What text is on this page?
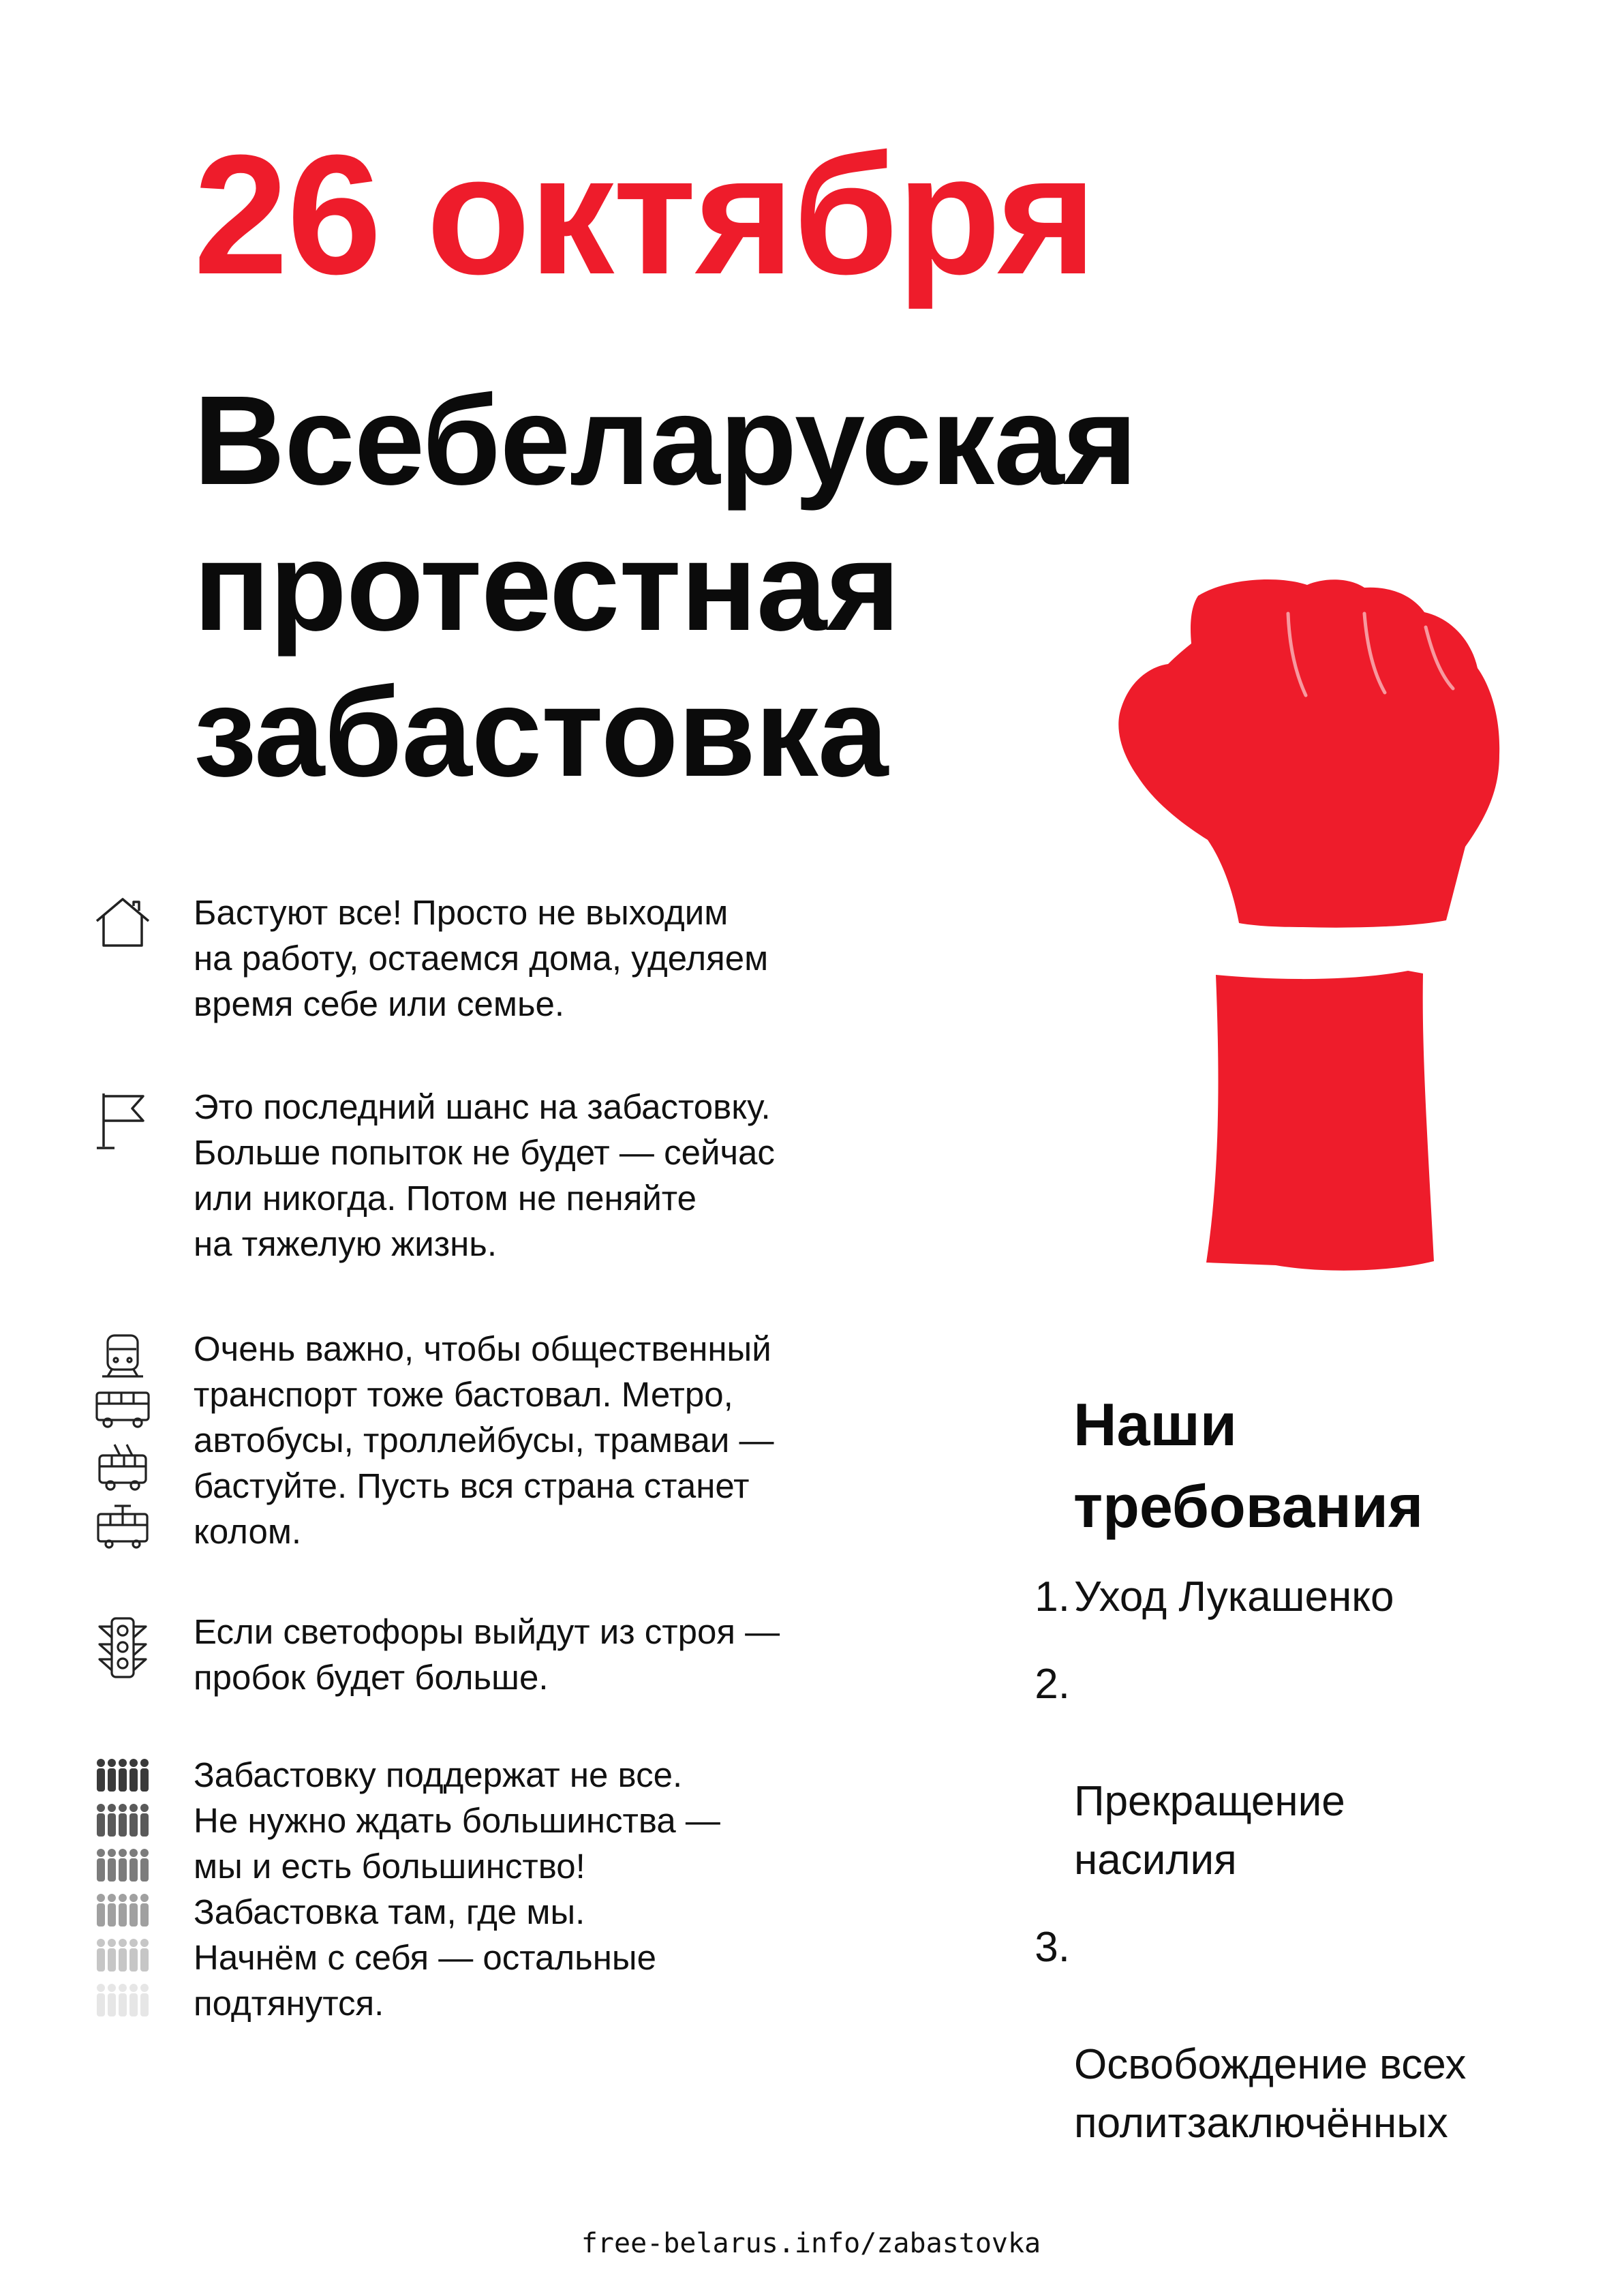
26 октября
Всебеларуская
протестная
забастовка
Бастуют все! Просто не выходим
на работу, остаемся дома, уделяем
время себе или семье.
Это последний шанс на забастовку.
Больше попыток не будет — сейчас
или никогда. Потом не пеняйте
на тяжелую жизнь.
Очень важно, чтобы общественный
транспорт тоже бастовал. Метро,
автобусы, троллейбусы, трамваи —
бастуйте. Пусть вся страна станет
колом.
Если светофоры выйдут из строя —
пробок будет больше.
Забастовку поддержат не все.
Не нужно ждать большинства —
мы и есть большинство!
Забастовка там, где мы.
Начнём с себя — остальные
подтянутся.
Наши
требования
1. Уход Лукашенко

2.

Прекращение
насилия

3.

Освобождение всех
политзаключённых

free-belarus.info/zabastovka
